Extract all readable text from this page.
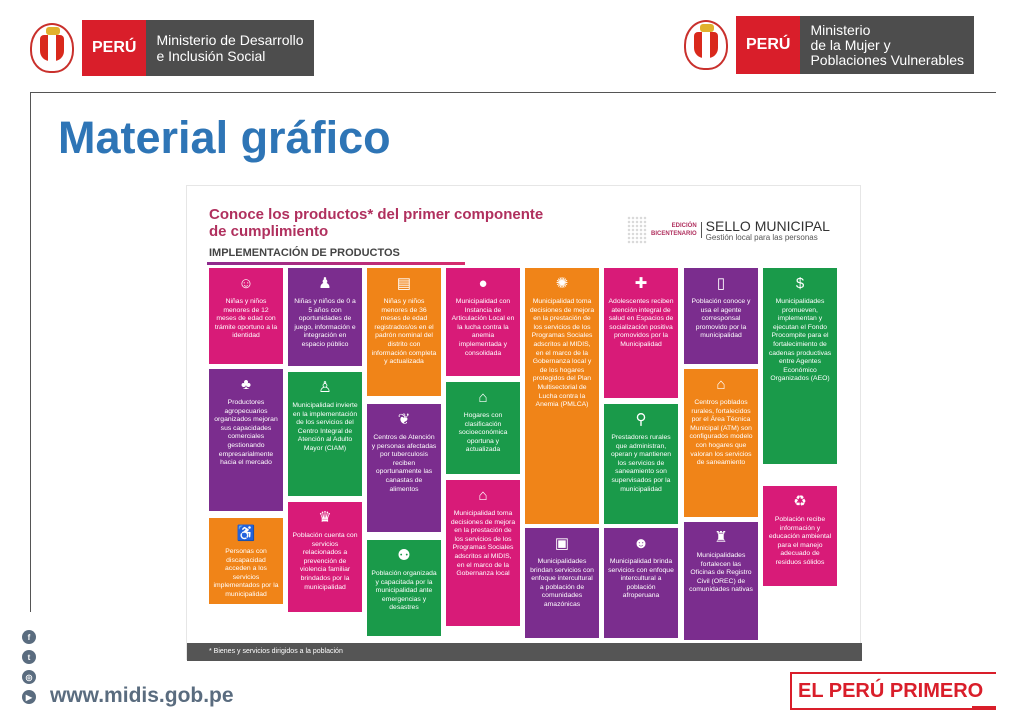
PERÚ	Ministerio de Desarrollo
e Inclusión Social
PERÚ
Ministerio
de la Mujer y
Poblaciones Vulnerables
Material gráfico
Conoce los productos* del primer componente
de cumplimiento
IMPLEMENTACIÓN DE PRODUCTOS
EDICIÓN
BICENTENARIO
SELLO MUNICIPAL
Gestión local para las personas
☺
Niñas y niños menores de 12 meses de edad con trámite oportuno a la identidad
♟
Niñas y niños de 0 a 5 años con oportunidades de juego, información e integración en espacio público
▤
Niñas y niños menores de 36 meses de edad registrados/os en el padrón nominal del distrito con información completa y actualizada
●
Municipalidad con Instancia de Articulación Local en la lucha contra la anemia implementada y consolidada
✺
Municipalidad toma decisiones de mejora en la prestación de los servicios de los Programas Sociales adscritos al MIDIS, en el marco de la Gobernanza local y de los hogares protegidos del Plan Multisectorial de Lucha contra la Anemia (PMLCA)
✚
Adolescentes reciben atención integral de salud en Espacios de socialización positiva promovidos por la Municipalidad
▯
Población conoce y usa el agente corresponsal promovido por la municipalidad
$
Municipalidades promueven, implementan y ejecutan el Fondo Procompite para el fortalecimiento de cadenas productivas entre Agentes Económico Organizados (AEO)
♣
Productores agropecuarios organizados mejoran sus capacidades comerciales gestionando empresarialmente hacia el mercado
♙
Municipalidad invierte en la implementación de los servicios del Centro Integral de Atención al Adulto Mayor (CIAM)
❦
Centros de Atención y personas afectadas por tuberculosis reciben oportunamente las canastas de alimentos
⌂
Hogares con clasificación socioeconómica oportuna y actualizada
⚲
Prestadores rurales que administran, operan y mantienen los servicios de saneamiento son supervisados por la municipalidad
⌂
Centros poblados rurales, fortalecidos por el Área Técnica Municipal (ATM) son configurados modelo con hogares que valoran los servicios de saneamiento
♻
Población recibe información y educación ambiental para el manejo adecuado de residuos sólidos
♿
Personas con discapacidad acceden a los servicios implementados por la municipalidad
♛
Población cuenta con servicios relacionados a prevención de violencia familiar brindados por la municipalidad
⚉
Población organizada y capacitada por la municipalidad ante emergencias y desastres
⌂
Municipalidad toma decisiones de mejora en la prestación de los servicios de los Programas Sociales adscritos al MIDIS, en el marco de la Gobernanza local
▣
Municipalidades brindan servicios con enfoque intercultural a población de comunidades amazónicas
☻
Municipalidad brinda servicios con enfoque intercultural a población afroperuana
♜
Municipalidades fortalecen las Oficinas de Registro Civil (OREC) de comunidades nativas
* Bienes y servicios dirigidos a la población
f
t
◎
▶ www.midis.gob.pe	EL PERÚ PRIMERO
